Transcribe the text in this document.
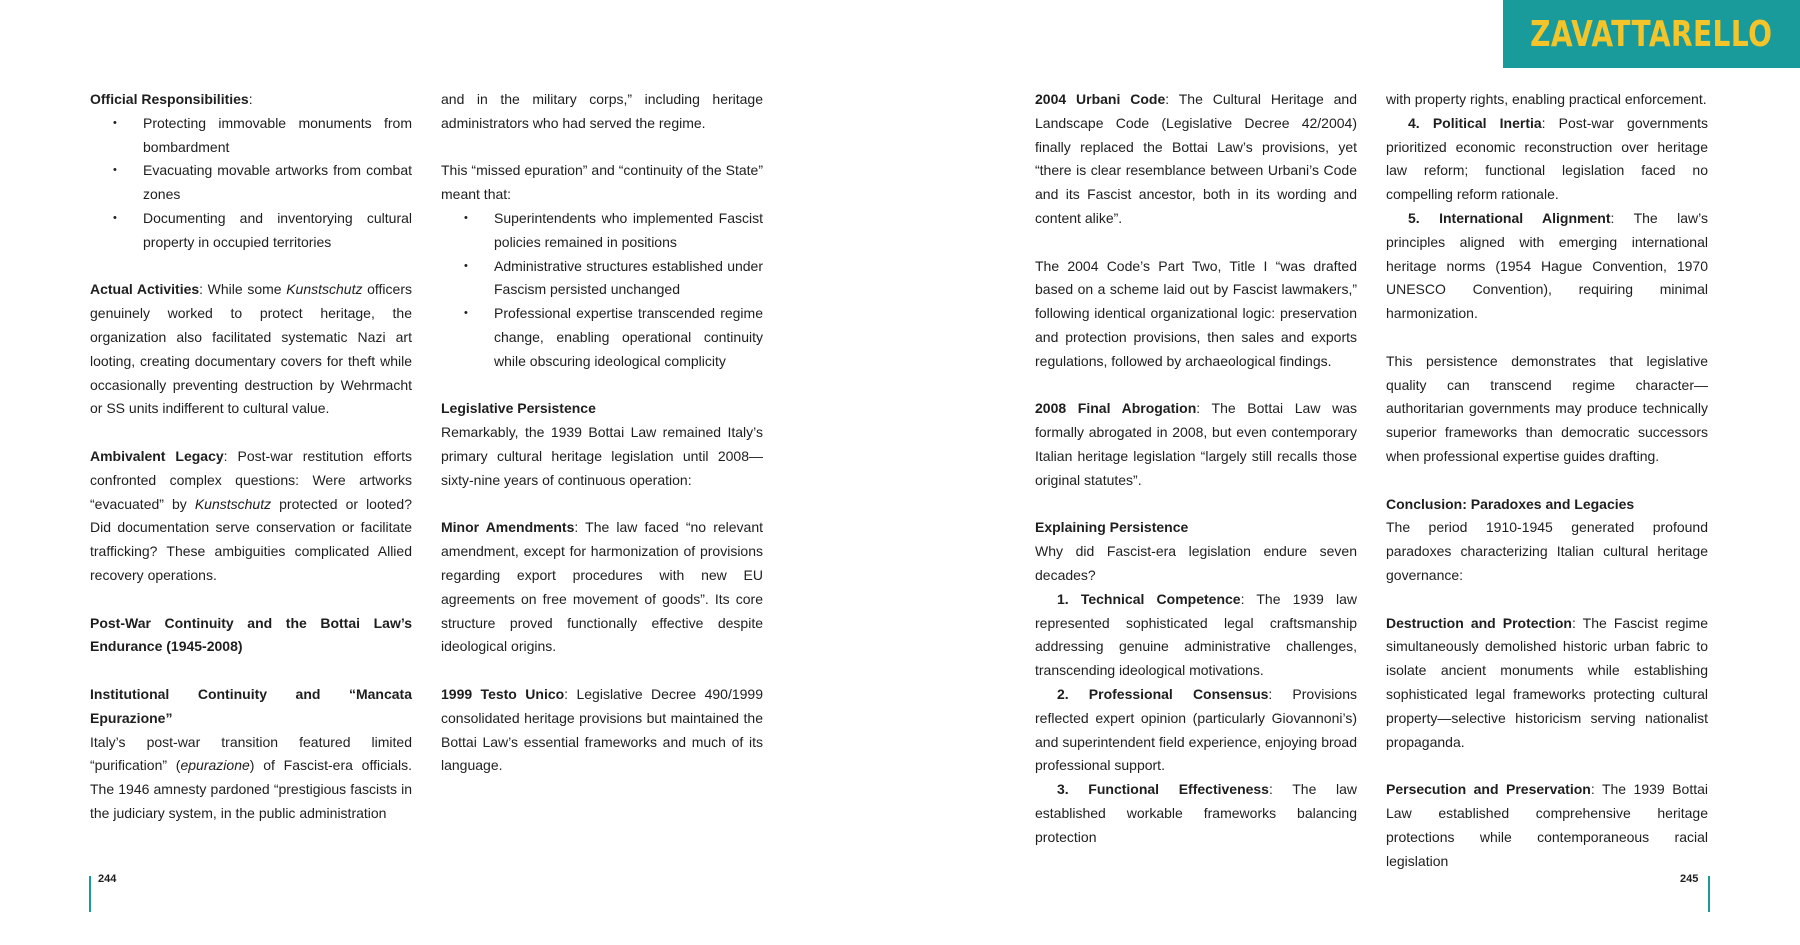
ZAVATTARELLO

Official Responsibilities:

• Protecting immovable monuments from bombardment
• Evacuating movable artworks from combat zones
• Documenting and inventorying cultural property in occupied territories

Actual Activities: While some Kunstschutz officers genuinely worked to protect heritage, the organization also facilitated systematic Nazi art looting, creating documentary covers for theft while occasionally preventing destruction by Wehrmacht or SS units indifferent to cultural value.

Ambivalent Legacy: Post-war restitution efforts confronted complex questions: Were artworks “evacuated” by Kunstschutz protected or looted? Did documentation serve conservation or facilitate trafficking? These ambiguities complicated Allied recovery operations.

Post-War Continuity and the Bottai Law’s Endurance (1945-2008)

Institutional Continuity and “Mancata Epurazione”

Italy’s post-war transition featured limited “purification” (epurazione) of Fascist-era officials. The 1946 amnesty pardoned “prestigious fascists in the judiciary system, in the public administration

and in the military corps,” including heritage administrators who had served the regime.

This “missed epuration” and “continuity of the State” meant that:

• Superintendents who implemented Fascist policies remained in positions
• Administrative structures established under Fascism persisted unchanged
• Professional expertise transcended regime change, enabling operational continuity while obscuring ideological complicity

Legislative Persistence

Remarkably, the 1939 Bottai Law remained Italy’s primary cultural heritage legislation until 2008—sixty-nine years of continuous operation:

Minor Amendments: The law faced “no relevant amendment, except for harmonization of provisions regarding export procedures with new EU agreements on free movement of goods”. Its core structure proved functionally effective despite ideological origins.

1999 Testo Unico: Legislative Decree 490/1999 consolidated heritage provisions but maintained the Bottai Law’s essential frameworks and much of its language.

2004 Urbani Code: The Cultural Heritage and Landscape Code (Legislative Decree 42/2004) finally replaced the Bottai Law’s provisions, yet “there is clear resemblance between Urbani’s Code and its Fascist ancestor, both in its wording and content alike”.

The 2004 Code’s Part Two, Title I “was drafted based on a scheme laid out by Fascist lawmakers,” following identical organizational logic: preservation and protection provisions, then sales and exports regulations, followed by archaeological findings.

2008 Final Abrogation: The Bottai Law was formally abrogated in 2008, but even contemporary Italian heritage legislation “largely still recalls those original statutes”.

Explaining Persistence

Why did Fascist-era legislation endure seven decades?

1. Technical Competence: The 1939 law represented sophisticated legal craftsmanship addressing genuine administrative challenges, transcending ideological motivations.

2. Professional Consensus: Provisions reflected expert opinion (particularly Giovannoni’s) and superintendent field experience, enjoying broad professional support.

3. Functional Effectiveness: The law established workable frameworks balancing protection

with property rights, enabling practical enforcement.

4. Political Inertia: Post-war governments prioritized economic reconstruction over heritage law reform; functional legislation faced no compelling reform rationale.

5. International Alignment: The law’s principles aligned with emerging international heritage norms (1954 Hague Convention, 1970 UNESCO Convention), requiring minimal harmonization.

This persistence demonstrates that legislative quality can transcend regime character—authoritarian governments may produce technically superior frameworks than democratic successors when professional expertise guides drafting.

Conclusion: Paradoxes and Legacies

The period 1910-1945 generated profound paradoxes characterizing Italian cultural heritage governance:

Destruction and Protection: The Fascist regime simultaneously demolished historic urban fabric to isolate ancient monuments while establishing sophisticated legal frameworks protecting cultural property—selective historicism serving nationalist propaganda.

Persecution and Preservation: The 1939 Bottai Law established comprehensive heritage protections while contemporaneous racial legislation

244	245
